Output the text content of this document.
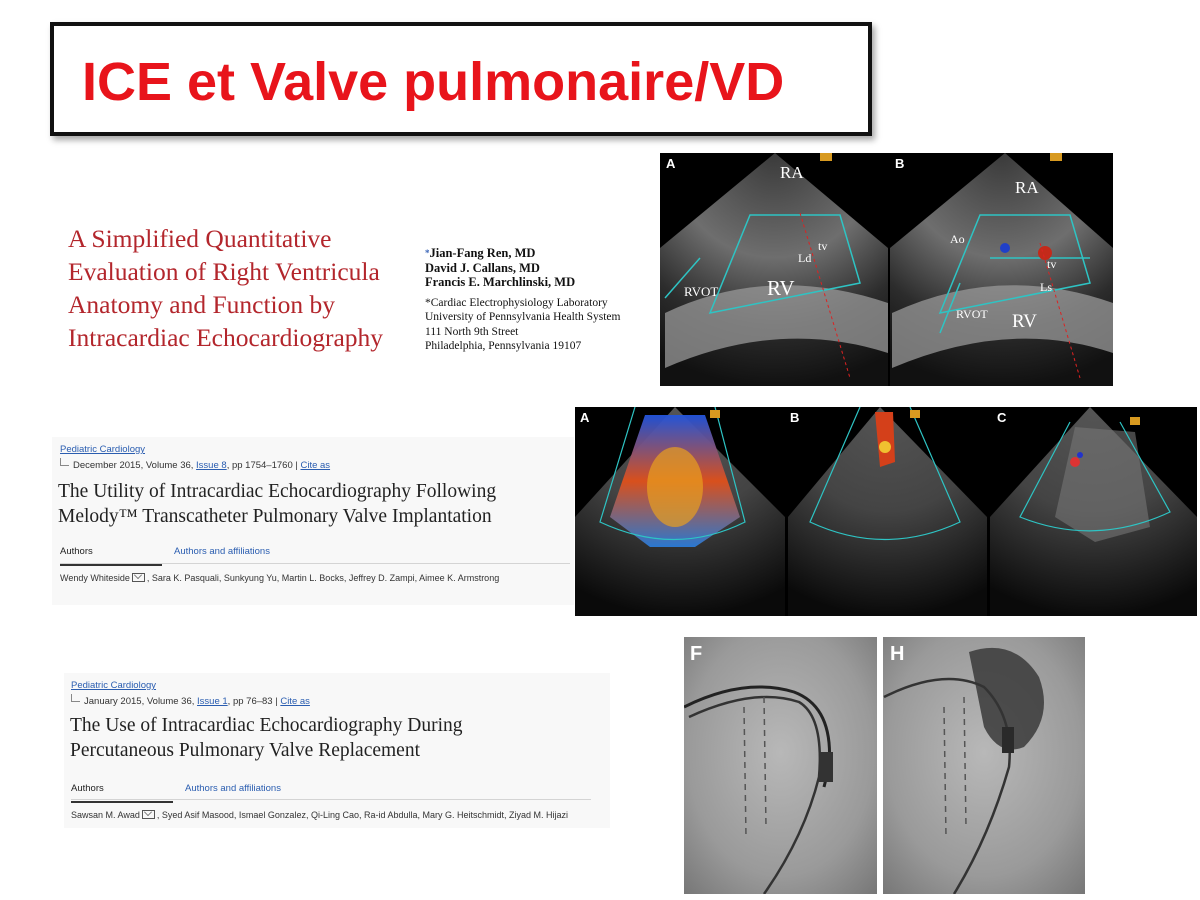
ICE et Valve pulmonaire/VD
A Simplified Quantitative
Evaluation of Right Ventricula
Anatomy and Function by
Intracardiac Echocardiography
*Jian-Fang Ren, MD
David J. Callans, MD
Francis E. Marchlinski, MD
*Cardiac Electrophysiology Laboratory
University of Pennsylvania Health System
111 North 9th Street
Philadelphia, Pennsylvania 19107
A	B
RA
tv
Ld
RVOT RV
RA
Ao
tv
Ls
RVOT RV
Pediatric Cardiology
December 2015, Volume 36, Issue 8, pp 1754–1760 | Cite as
The Utility of Intracardiac Echocardiography Following
Melody™ Transcatheter Pulmonary Valve Implantation
Authors	Authors and affiliations
Wendy Whiteside , Sara K. Pasquali, Sunkyung Yu, Martin L. Bocks, Jeffrey D. Zampi, Aimee K. Armstrong
A	B	C
Pediatric Cardiology
January 2015, Volume 36, Issue 1, pp 76–83 | Cite as
The Use of Intracardiac Echocardiography During
Percutaneous Pulmonary Valve Replacement
Authors	Authors and affiliations
Sawsan M. Awad , Syed Asif Masood, Ismael Gonzalez, Qi-Ling Cao, Ra-id Abdulla, Mary G. Heitschmidt, Ziyad M. Hijazi
F	H
